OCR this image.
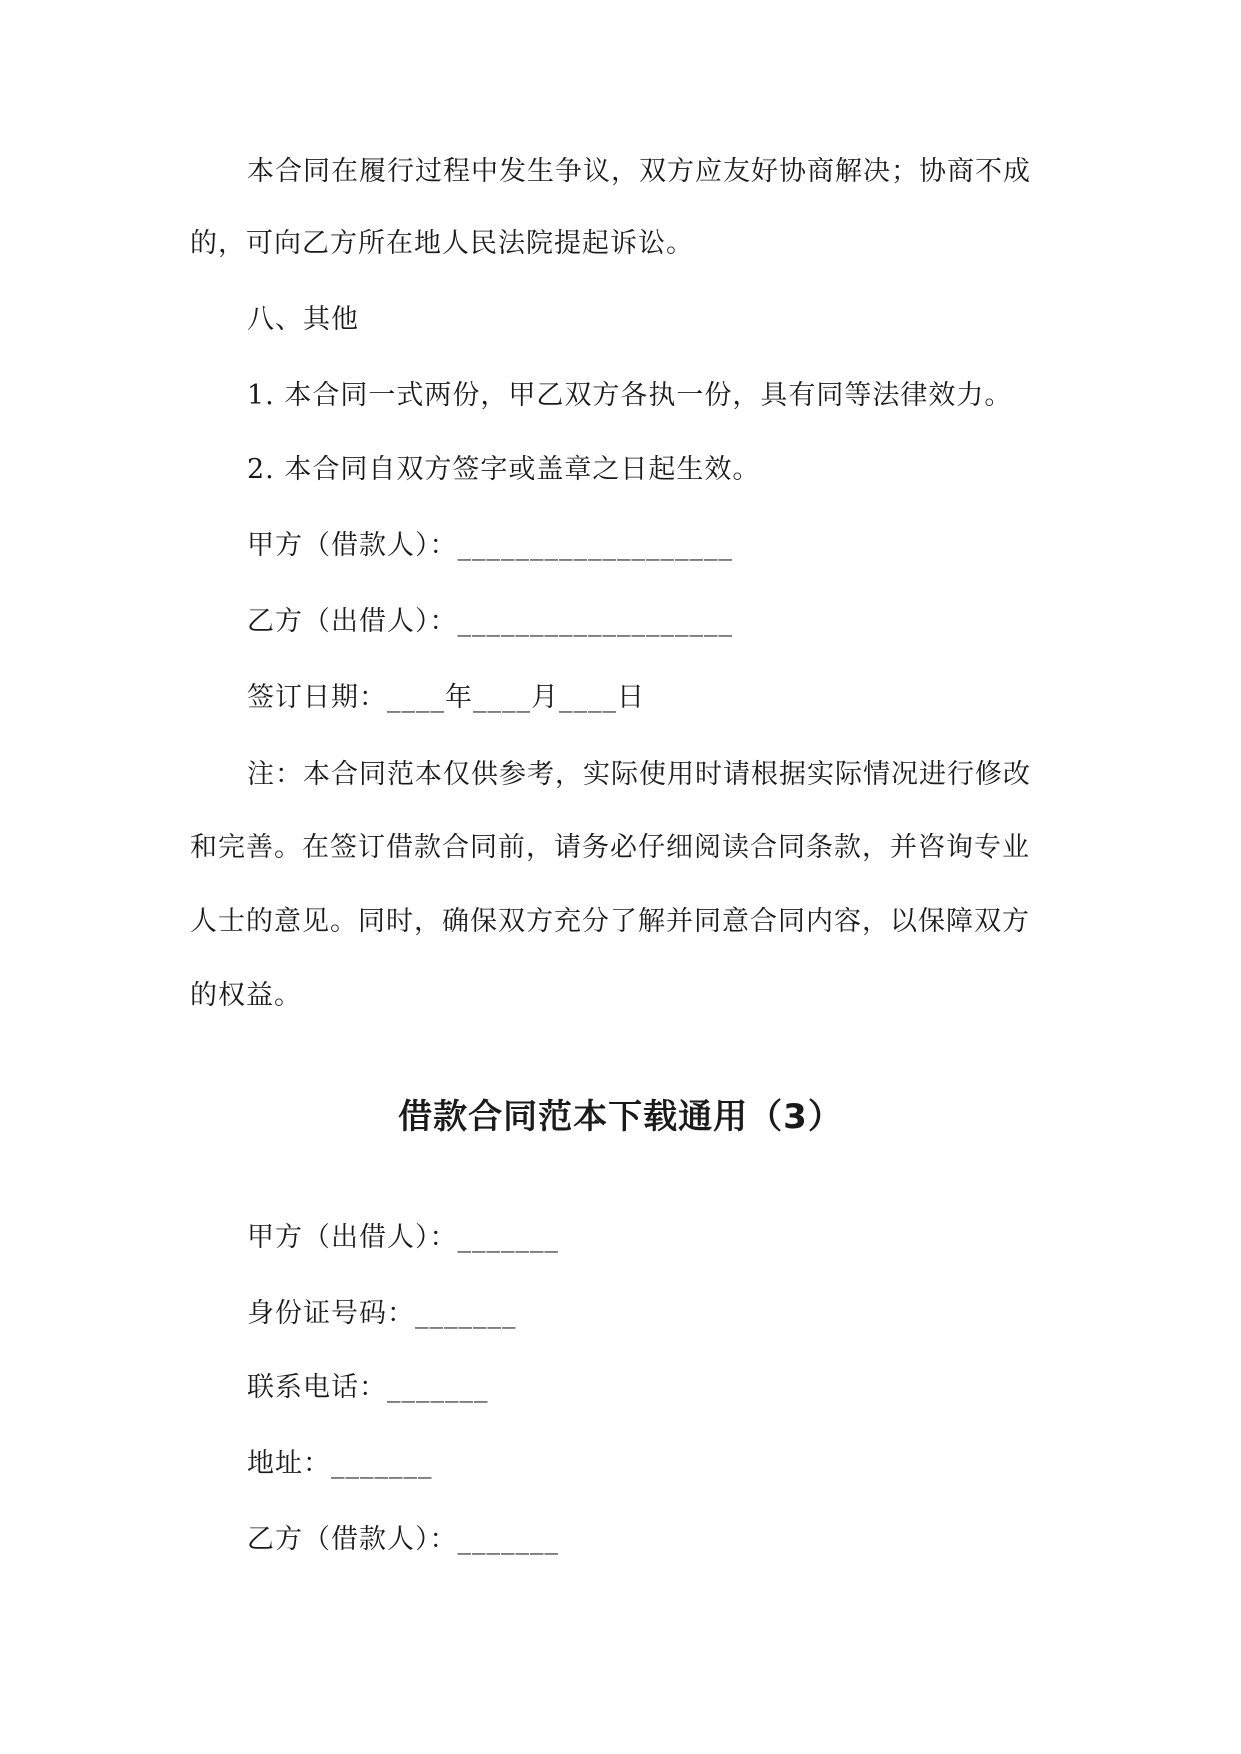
本合同在履行过程中发生争议，双方应友好协商解决；协商不成
的，可向乙方所在地人民法院提起诉讼。
八、其他
1. 本合同一式两份，甲乙双方各执一份，具有同等法律效力。
2. 本合同自双方签字或盖章之日起生效。
甲方（借款人）：___________________
乙方（出借人）：___________________
签订日期：____年____月____日
注：本合同范本仅供参考，实际使用时请根据实际情况进行修改
和完善。在签订借款合同前，请务必仔细阅读合同条款，并咨询专业
人士的意见。同时，确保双方充分了解并同意合同内容，以保障双方
的权益。
借款合同范本下载通用（3）
甲方（出借人）：_______
身份证号码：_______
联系电话：_______
地址：_______
乙方（借款人）：_______
